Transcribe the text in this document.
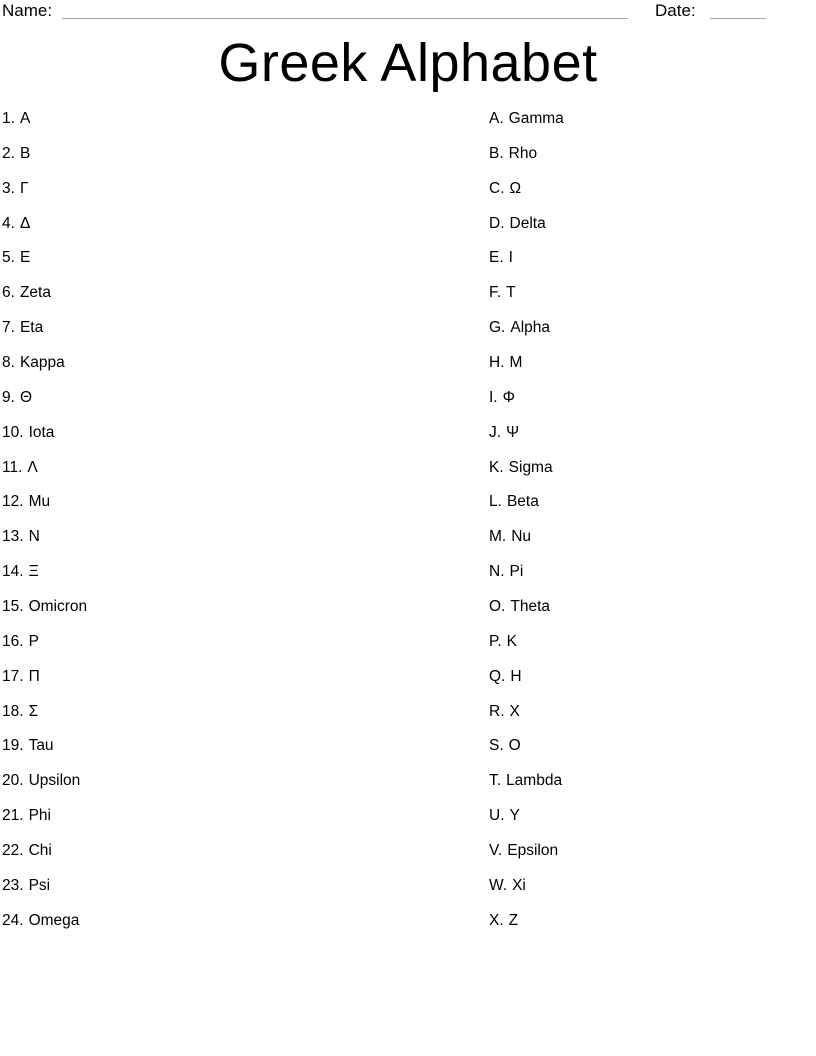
Name:	Date:
Greek Alphabet
1. Α
2. Β
3. Γ
4. Δ
5. Ε
6. Zeta
7. Eta
8. Kappa
9. Θ
10. Iota
11. Λ
12. Mu
13. Ν
14. Ξ
15. Omicron
16. Ρ
17. Π
18. Σ
19. Tau
20. Upsilon
21. Phi
22. Chi
23. Psi
24. Omega
A. Gamma
B. Rho
C. Ω
D. Delta
E. Ι
F. Τ
G. Alpha
H. Μ
I. Φ
J. Ψ
K. Sigma
L. Beta
M. Nu
N. Pi
O. Theta
P. Κ
Q. Η
R. Χ
S. Ο
T. Lambda
U. Υ
V. Epsilon
W. Xi
X. Ζ
